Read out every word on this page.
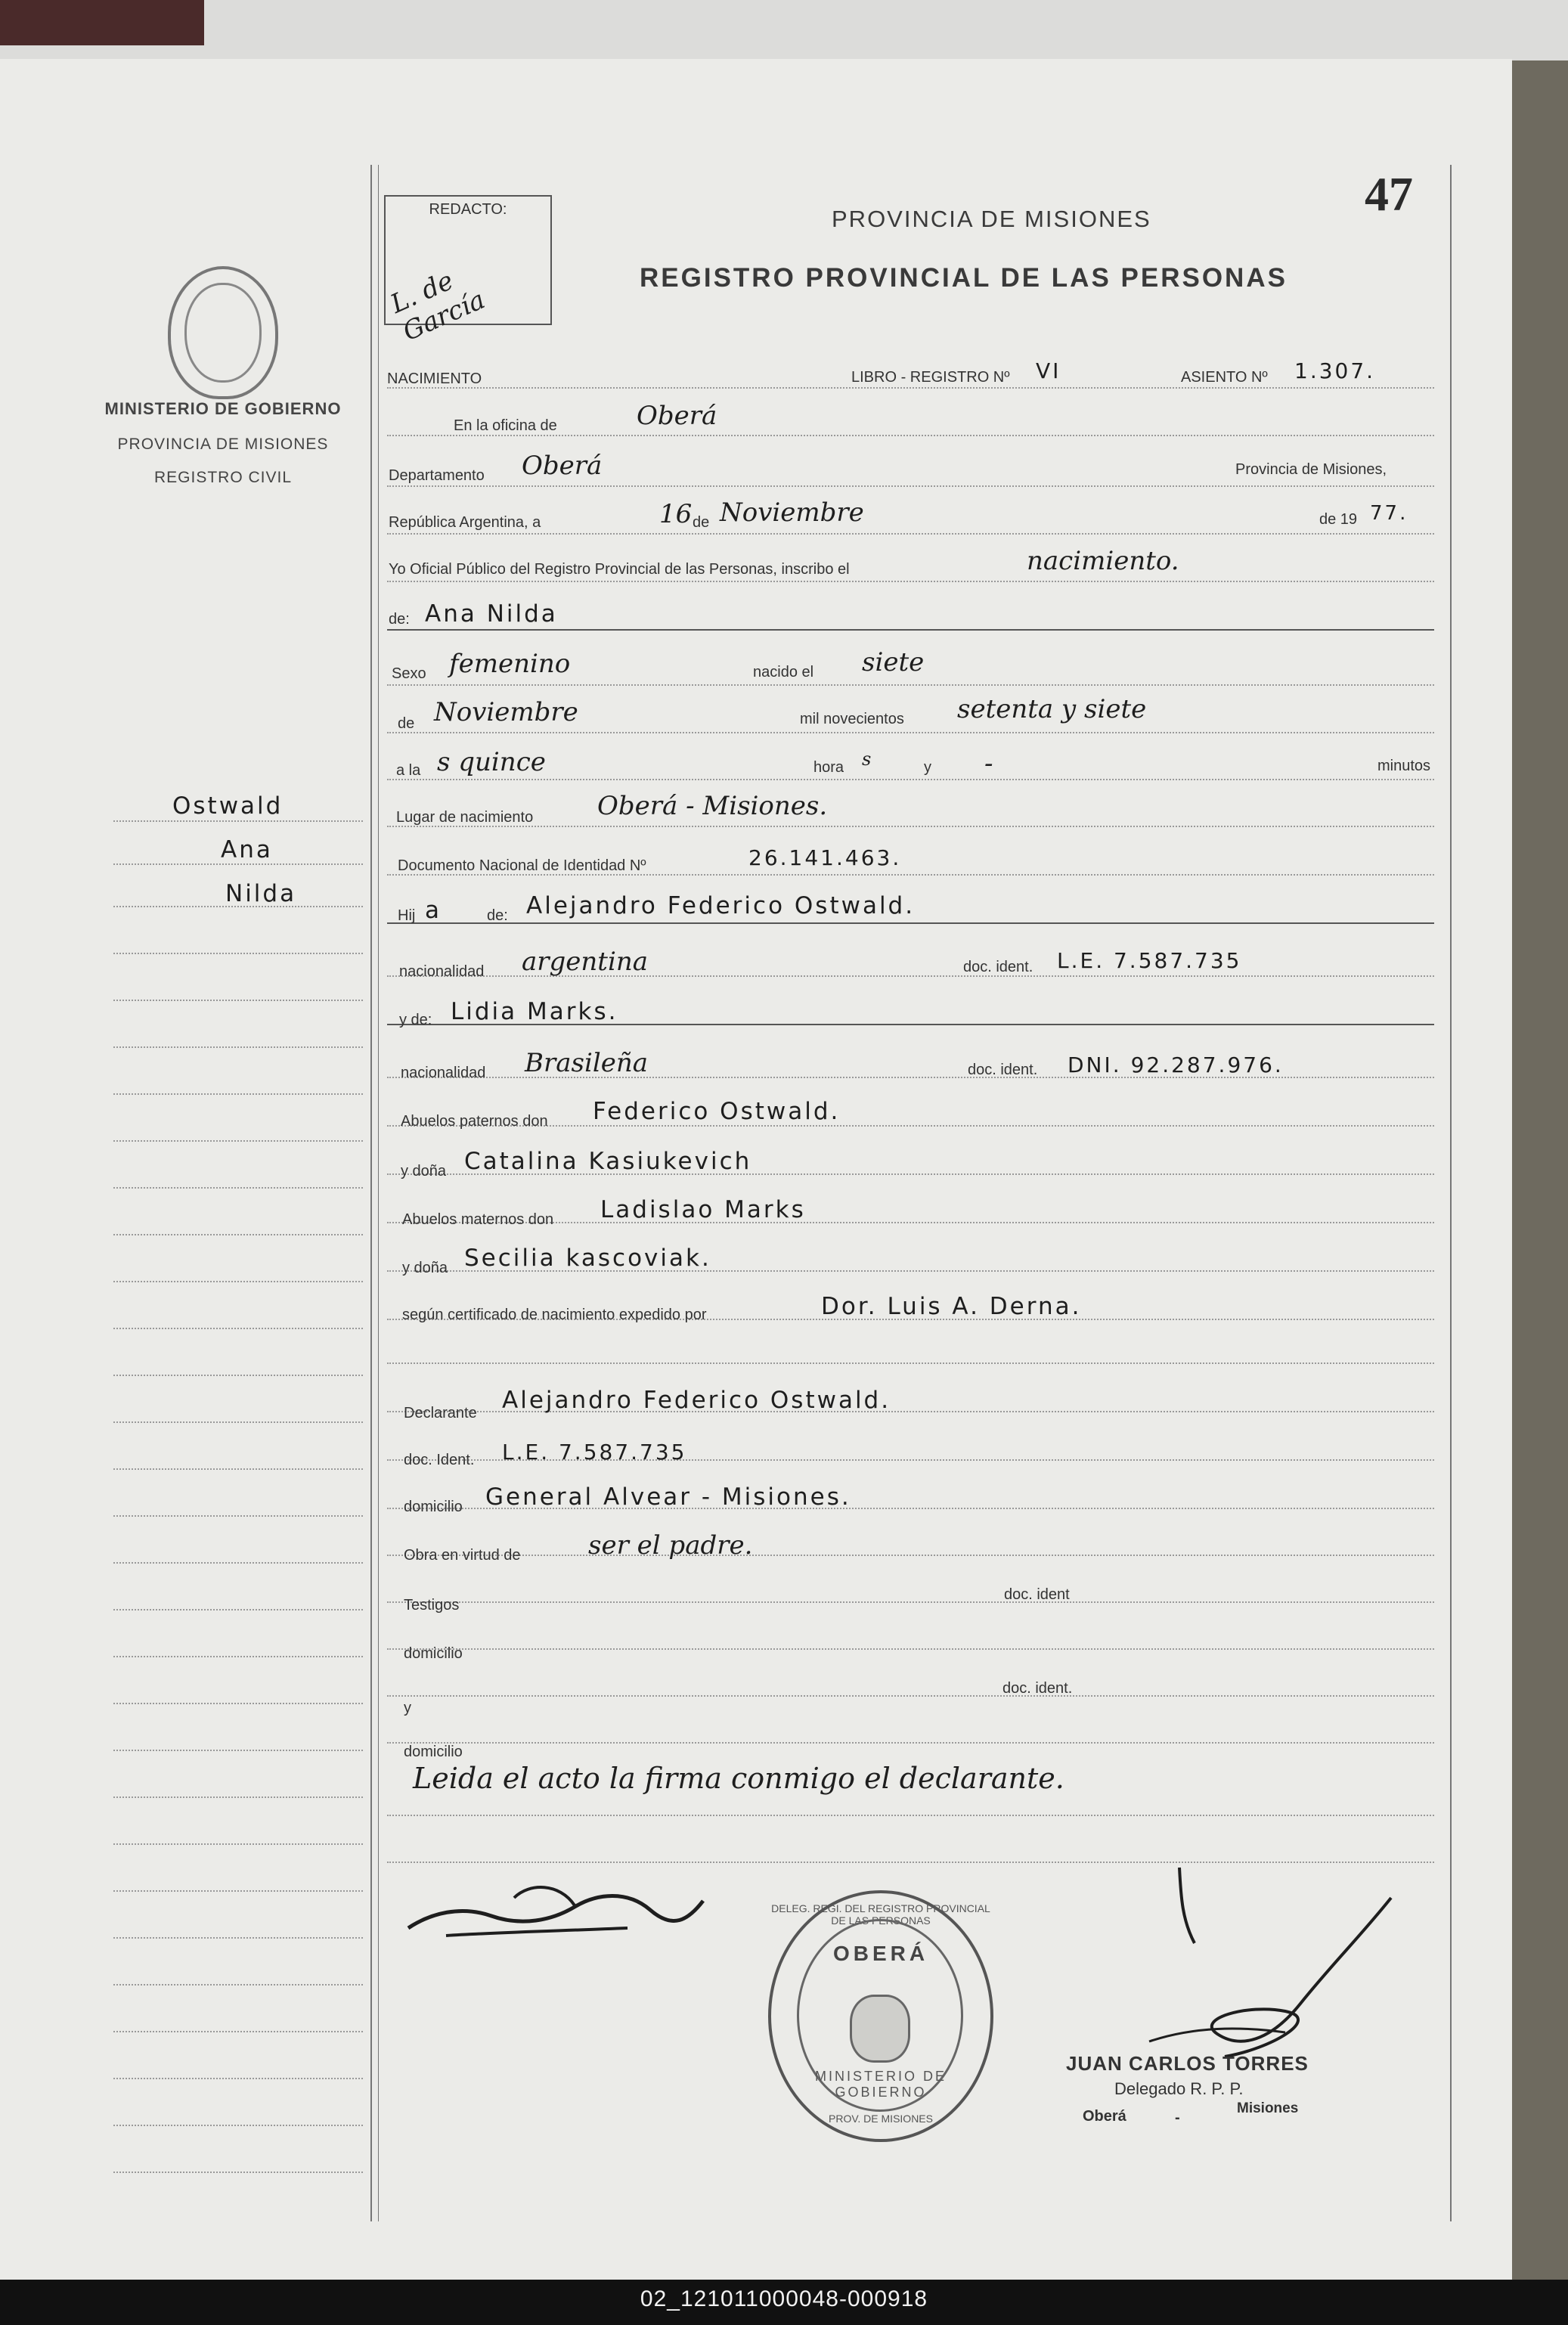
MINISTERIO DE GOBIERNO
PROVINCIA DE MISIONES
REGISTRO CIVIL
Ostwald
Ana
Nilda
REDACTO:
L. de García
PROVINCIA DE MISIONES
REGISTRO PROVINCIAL DE LAS PERSONAS
47
NACIMIENTO	LIBRO - REGISTRO Nº VI	ASIENTO Nº 1.307.
En la oficina de	Oberá
Departamento Oberá	Provincia de Misiones,
República Argentina, a	16 de Noviembre	de 19 77.
Yo Oficial Público del Registro Provincial de las Personas, inscribo el	nacimiento.
de: Ana Nilda
Sexo femenino	nacido el siete
de Noviembre	mil novecientos setenta y siete
a la s quince	hora s	y -	minutos
Lugar de nacimiento Oberá - Misiones.
Documento Nacional de Identidad Nº	26.141.463.
Hij a	de: Alejandro Federico Ostwald.
nacionalidad argentina	doc. ident. L.E. 7.587.735
y de: Lidia Marks.
nacionalidad Brasileña	doc. ident. DNI. 92.287.976.
Abuelos paternos don Federico Ostwald.
y doña Catalina Kasiukevich
Abuelos maternos don Ladislao Marks
y doña Secilia kascoviak.
según certificado de nacimiento expedido por	Dor. Luis A. Derna.
Declarante Alejandro Federico Ostwald.
doc. Ident. L.E. 7.587.735
domicilio General Alvear - Misiones.
Obra en virtud de	ser el padre.
Testigos
doc. ident
domicilio
y
doc. ident.
domicilio
Leida el acto la firma conmigo el declarante.
DELEG. REGI. DEL REGISTRO PROVINCIAL DE LAS PERSONAS
OBERÁ
MINISTERIO DE GOBIERNO
PROV. DE MISIONES
JUAN CARLOS TORRES
Delegado R. P. P.
Oberá	-
Misiones
02_121011000048-000918
